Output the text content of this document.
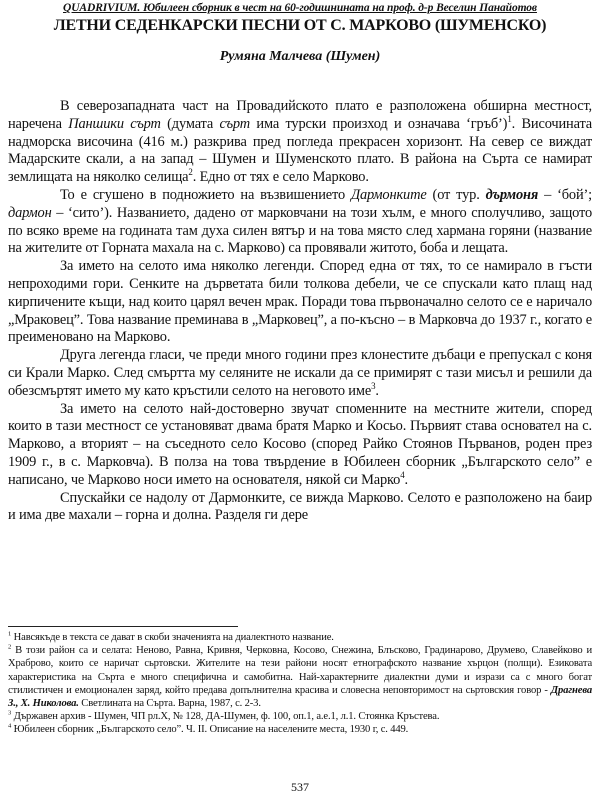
QUADRIVIUM. Юбилеен сборник в чест на 60-годишнината на проф. д-р Веселин Панайотов
ЛЕТНИ СЕДЕНКАРСКИ ПЕСНИ ОТ С. МАРКОВО (ШУМЕНСКО)
Румяна Малчева (Шумен)

В северозападната част на Провадийското плато е разположена обширна местност, наречена Паншики сърт (думата сърт има турски произход и означава ‘гръб’)$^1$. Височината надморска височина (416 м.) разкрива пред погледа прекрасен хоризонт. На север се виждат Мадарските скали, а на запад – Шумен и Шуменското плато. В района на Сърта се намират землищата на няколко селища$^2$. Едно от тях е село Марково.

То е сгушено в подножието на възвишението Дармонките (от тур. дърмоня – ‘бой’; дармон – ‘сито’). Названието, дадено от марковчани на този хълм, е много сполучливо, защото по всяко време на годината там духа силен вятър и на това място след хармана горяни (название на жителите от Горната махала на с. Марково) са провявали житото, боба и лещата.

За името на селото има няколко легенди. Според една от тях, то се намирало в гъсти непроходими гори. Сенките на дърветата били толкова дебели, че се спускали като плащ над кирпичените къщи, над които царял вечен мрак. Поради това първоначално селото се е наричало „Мраковец”. Това название преминава в „Марковец”, а по-късно – в Марковча до 1937 г., когато е преименовано на Марково.

Друга легенда гласи, че преди много години през клонестите дъбаци е препускал с коня си Крали Марко. След смъртта му селяните не искали да се примирят с тази мисъл и решили да обезсмъртят името му като кръстили селото на неговото име$^3$.

За името на селото най-достоверно звучат споменните на местните жители, според които в тази местност се установяват двама братя Марко и Косьо. Първият става основател на с. Марково, а вторият – на съседното село Косово (според Райко Стоянов Първанов, роден през 1909 г., в с. Марковча). В полза на това твърдение в Юбилеен сборник „Българското село” е написано, че Марково носи името на основателя, някой си Марко$^4$.

Спускайки се надолу от Дармонките, се вижда Марково. Селото е разположено на баир и има две махали – горна и долна. Разделя ги дере

$^1$ Навсякъде в текста се дават в скоби значенията на диалектното название.

$^2$ В този район са и селата: Неново, Равна, Кривня, Черковна, Косово, Снежина, Блъсково, Градинарово, Друмево, Славейково и Храброво, които се наричат сьртовски. Жителите на тези райони носят етнографското название хърцон (полщи). Езиковата характеристика на Сърта е много специфична и самобитна. Най-характерните диалектни думи и изрази са с много богат стилистичен и емоционален заряд, който предава допълнителна красива и словесна неповторимост на сьртовския говор - Драгнева З., Х. Николова. Светлината на Сърта. Варна, 1987, с. 2-3.

$^3$ Държавен архив - Шумен, ЧП рл.Х, № 128, ДА-Шумен, ф. 100, оп.1, а.е.1, л.1. Стоянка Кръстева.

$^4$ Юбилеен сборник „Българското село”. Ч. II. Описание на населените места, 1930 г, с. 449.

537
